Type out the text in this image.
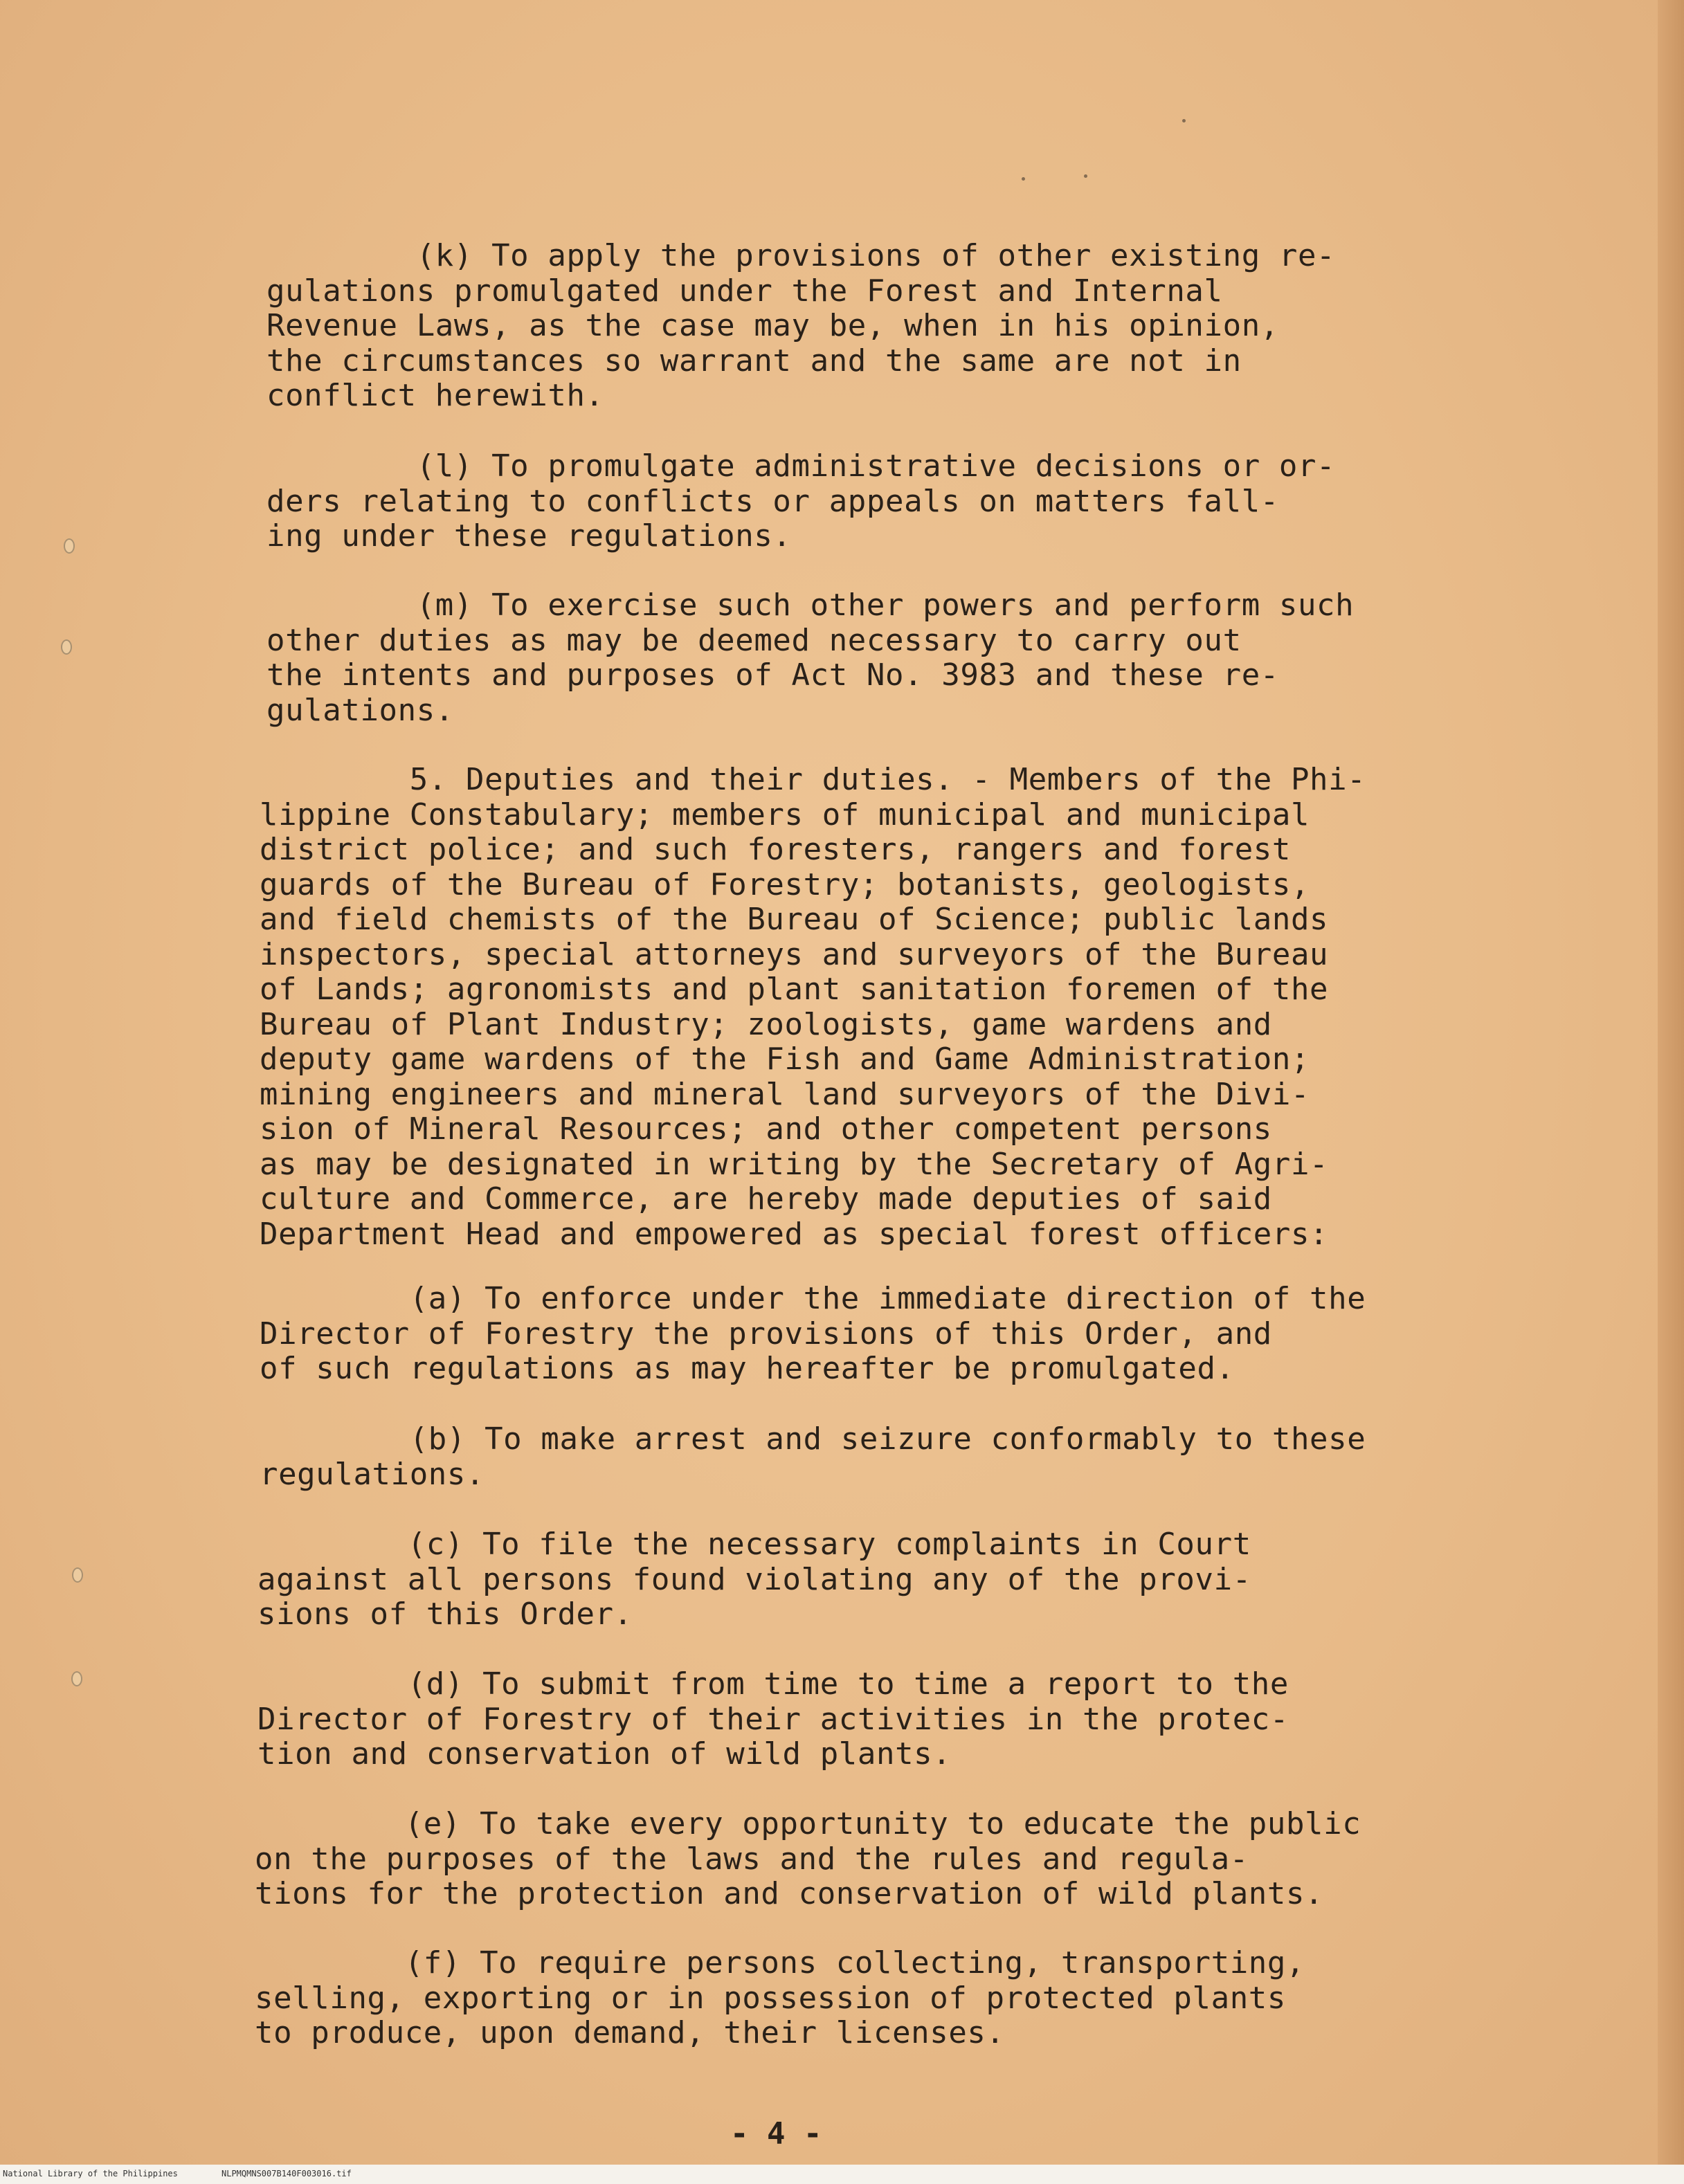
(k) To apply the provisions of other existing re-
gulations promulgated under the Forest and Internal
Revenue Laws, as the case may be, when in his opinion,
the circumstances so warrant and the same are not in
conflict herewith.
(l) To promulgate administrative decisions or or-
ders relating to conflicts or appeals on matters fall-
ing under these regulations.
(m) To exercise such other powers and perform such
other duties as may be deemed necessary to carry out
the intents and purposes of Act No. 3983 and these re-
gulations.
5. Deputies and their duties. - Members of the Phi-
lippine Constabulary; members of municipal and municipal
district police; and such foresters, rangers and forest
guards of the Bureau of Forestry; botanists, geologists,
and field chemists of the Bureau of Science; public lands
inspectors, special attorneys and surveyors of the Bureau
of Lands; agronomists and plant sanitation foremen of the
Bureau of Plant Industry; zoologists, game wardens and
deputy game wardens of the Fish and Game Administration;
mining engineers and mineral land surveyors of the Divi-
sion of Mineral Resources; and other competent persons
as may be designated in writing by the Secretary of Agri-
culture and Commerce, are hereby made deputies of said
Department Head and empowered as special forest officers:
(a) To enforce under the immediate direction of the
Director of Forestry the provisions of this Order, and
of such regulations as may hereafter be promulgated.
(b) To make arrest and seizure conformably to these
regulations.
(c) To file the necessary complaints in Court
against all persons found violating any of the provi-
sions of this Order.
(d) To submit from time to time a report to the
Director of Forestry of their activities in the protec-
tion and conservation of wild plants.
(e) To take every opportunity to educate the public
on the purposes of the laws and the rules and regula-
tions for the protection and conservation of wild plants.
(f) To require persons collecting, transporting,
selling, exporting or in possession of protected plants
to produce, upon demand, their licenses.

- 4 -

National Library of the Philippines	NLPMQMNS007B140F003016.tif
